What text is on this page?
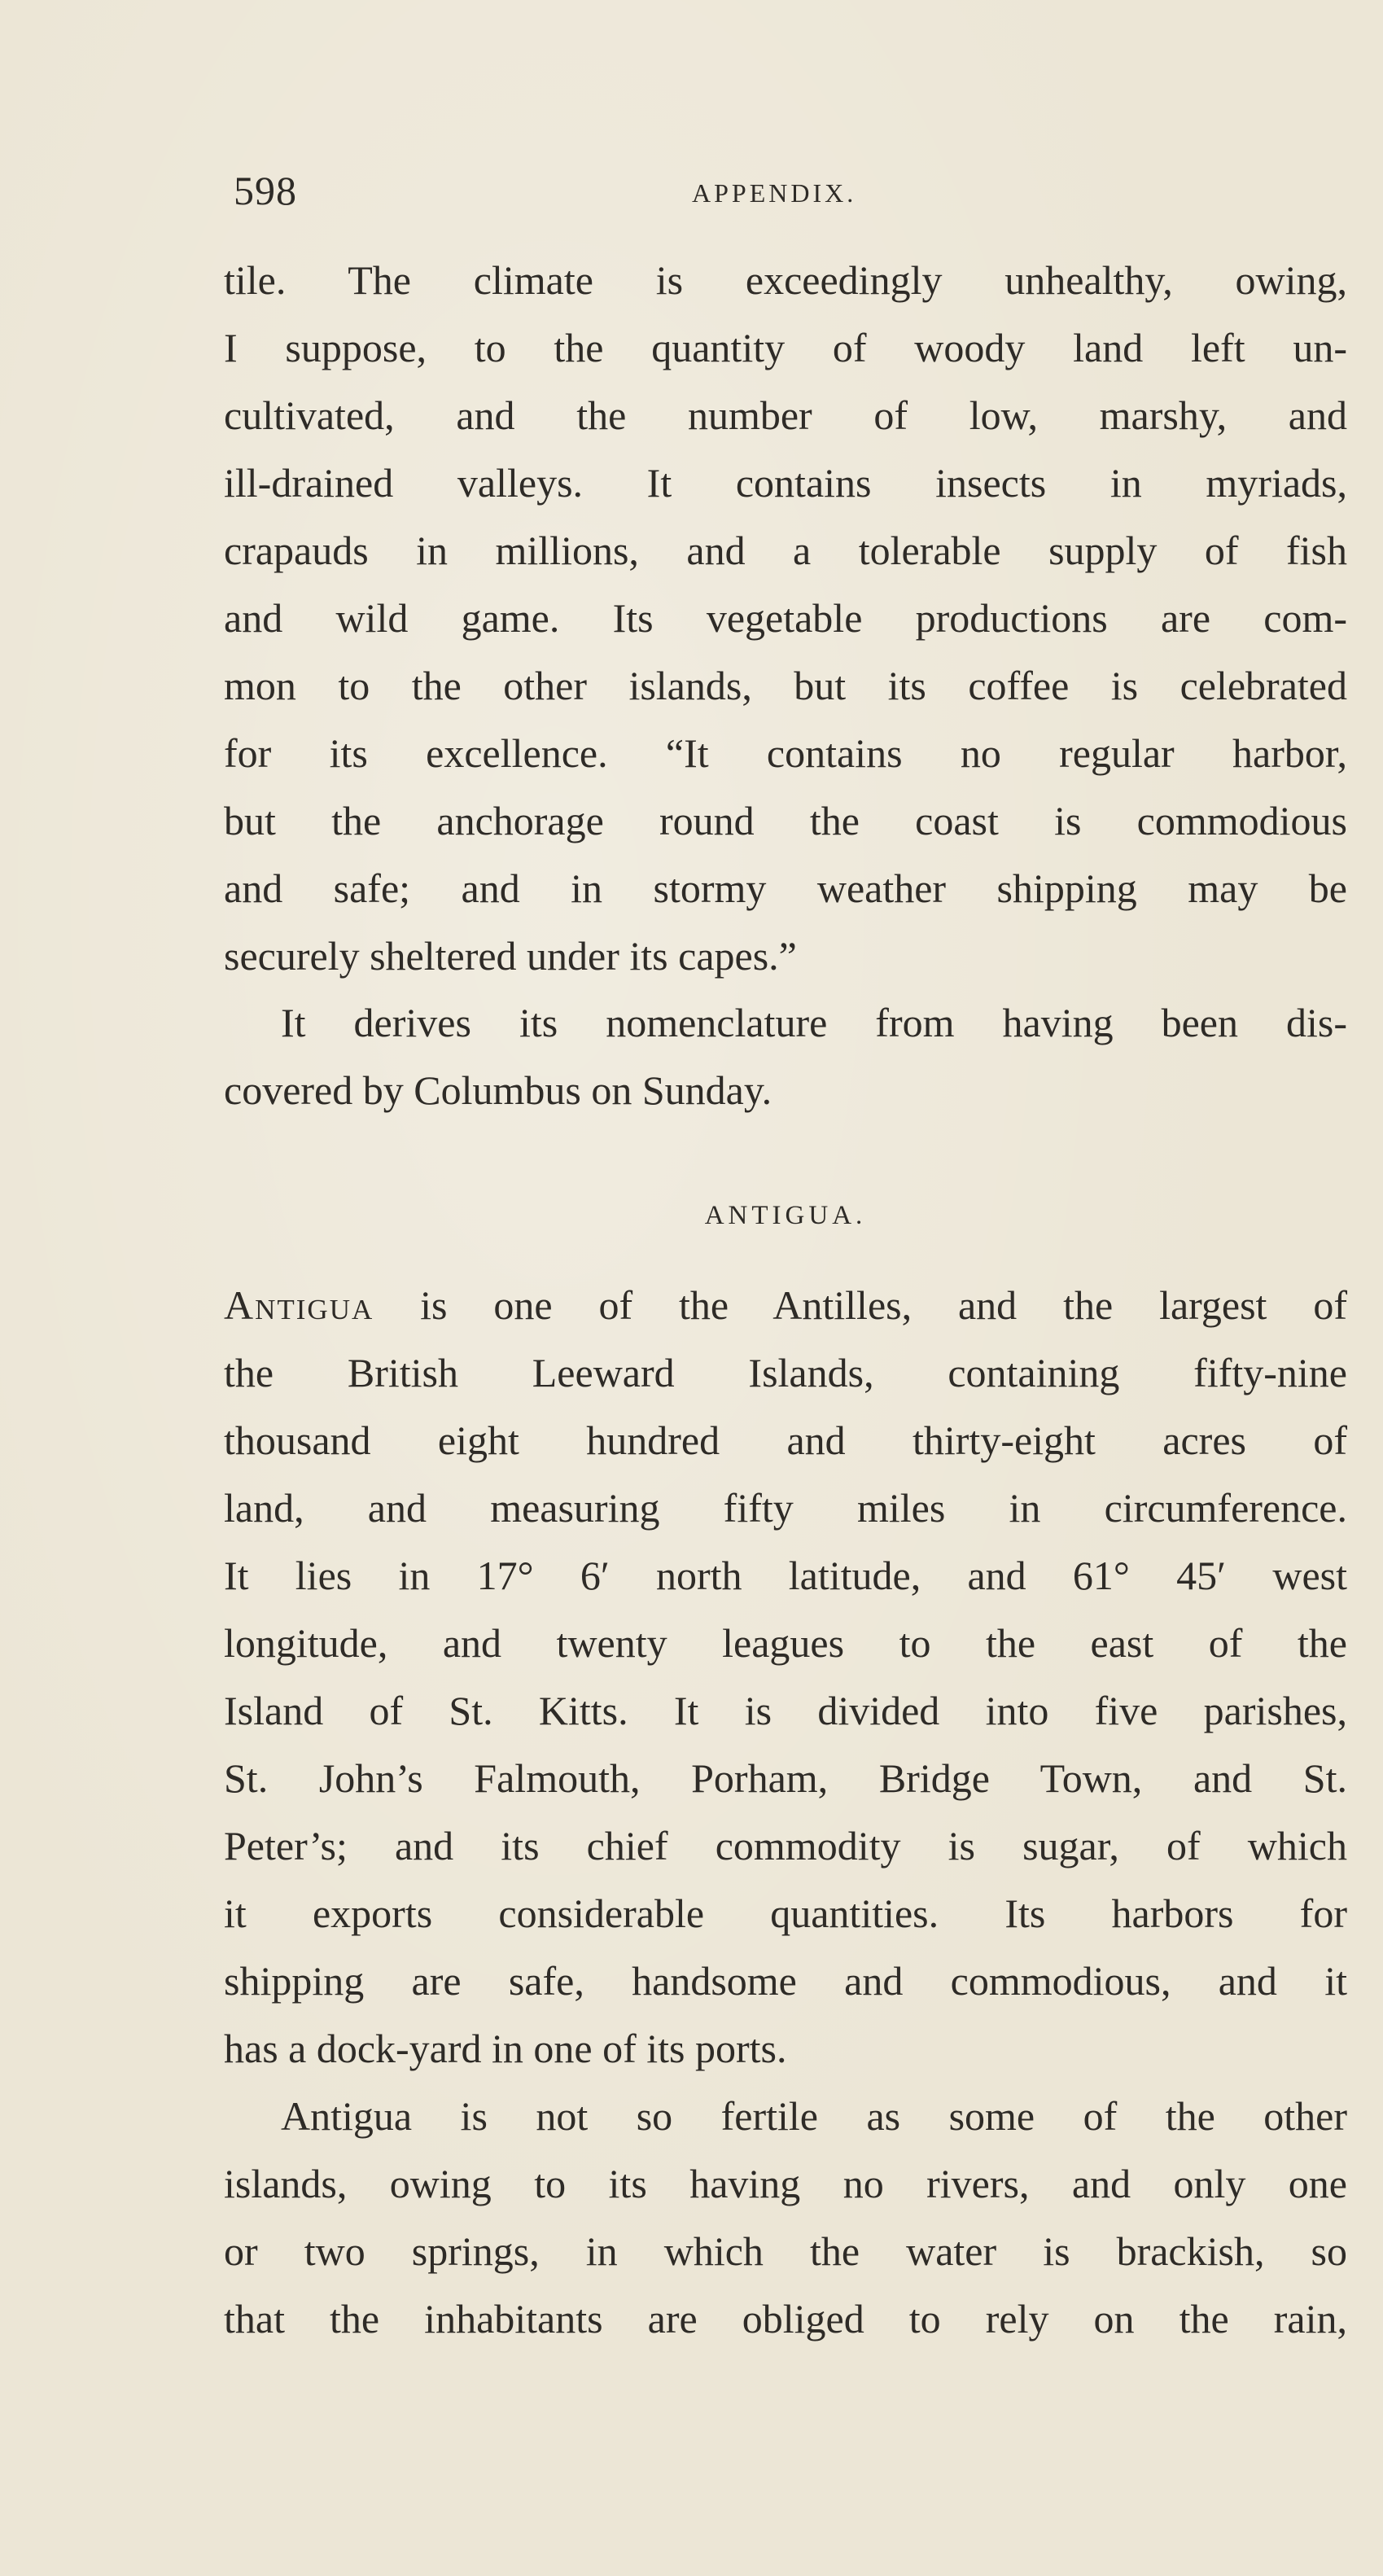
598	APPENDIX.
tile. The climate is exceedingly unhealthy, owing,
I suppose, to the quantity of woody land left un-
cultivated, and the number of low, marshy, and
ill-drained valleys. It contains insects in myriads,
crapauds in millions, and a tolerable supply of fish
and wild game. Its vegetable productions are com-
mon to the other islands, but its coffee is celebrated
for its excellence. “It contains no regular harbor,
but the anchorage round the coast is commodious
and safe; and in stormy weather shipping may be
securely sheltered under its capes.”
It derives its nomenclature from having been dis-
covered by Columbus on Sunday.
ANTIGUA.
Antigua is one of the Antilles, and the largest of
the British Leeward Islands, containing fifty-nine
thousand eight hundred and thirty-eight acres of
land, and measuring fifty miles in circumference.
It lies in 17° 6′ north latitude, and 61° 45′ west
longitude, and twenty leagues to the east of the
Island of St. Kitts. It is divided into five parishes,
St. John’s Falmouth, Porham, Bridge Town, and St.
Peter’s; and its chief commodity is sugar, of which
it exports considerable quantities. Its harbors for
shipping are safe, handsome and commodious, and it
has a dock-yard in one of its ports.
Antigua is not so fertile as some of the other
islands, owing to its having no rivers, and only one
or two springs, in which the water is brackish, so
that the inhabitants are obliged to rely on the rain,
